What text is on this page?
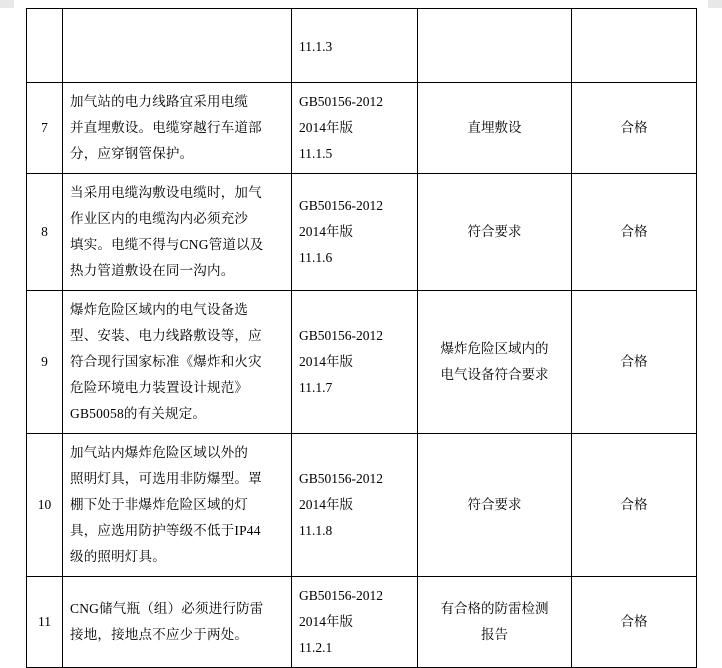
		11.1.3		

7	加气站的电力线路宜采用电缆
并直埋敷设。电缆穿越行车道部
分，应穿钢管保护。	GB50156-2012
2014年版
11.1.5	直埋敷设	合格
8	当采用电缆沟敷设电缆时，加气
作业区内的电缆沟内必须充沙
填实。电缆不得与CNG管道以及
热力管道敷设在同一沟内。	GB50156-2012
2014年版
11.1.6	符合要求	合格
9	爆炸危险区域内的电气设备选
型、安装、电力线路敷设等，应
符合现行国家标准《爆炸和火灾
危险环境电力装置设计规范》
GB50058的有关规定。	GB50156-2012
2014年版
11.1.7	爆炸危险区域内的
电气设备符合要求	合格
10	加气站内爆炸危险区域以外的
照明灯具，可选用非防爆型。罩
棚下处于非爆炸危险区域的灯
具，应选用防护等级不低于IP44
级的照明灯具。	GB50156-2012
2014年版
11.1.8	符合要求	合格
11	CNG储气瓶（组）必须进行防雷
接地，接地点不应少于两处。	GB50156-2012
2014年版
11.2.1	有合格的防雷检测
报告	合格
